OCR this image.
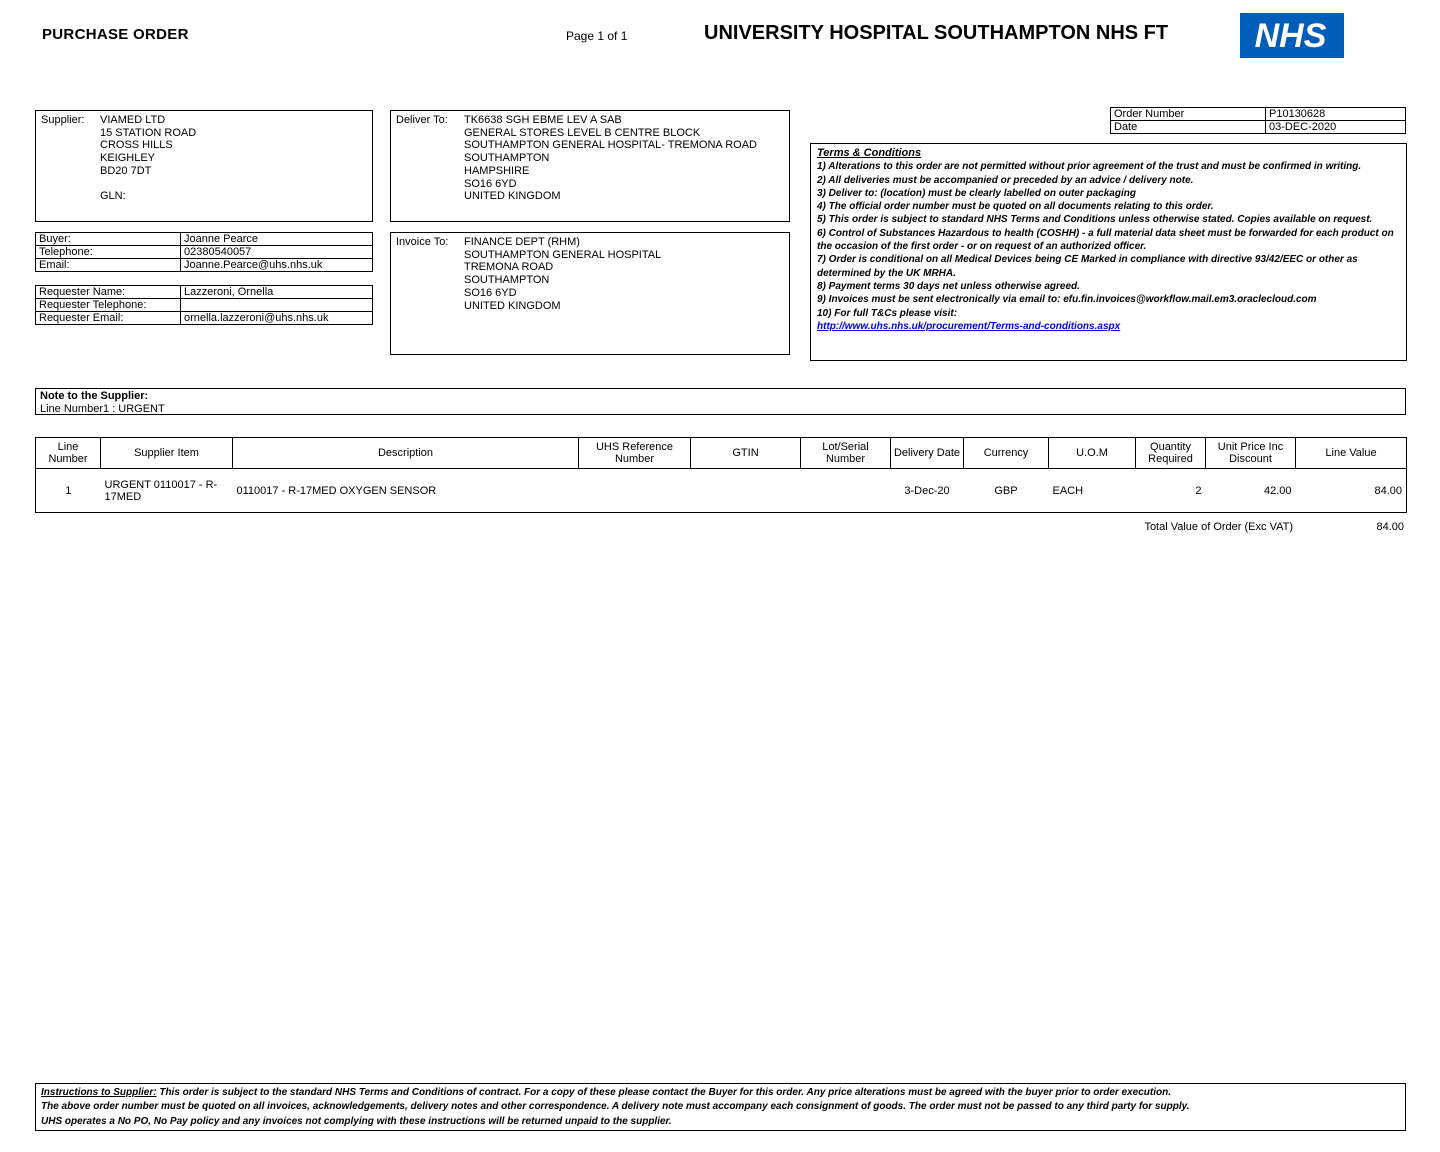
PURCHASE ORDER	Page 1 of 1	UNIVERSITY HOSPITAL SOUTHAMPTON NHS FT	NHS
Supplier: VIAMED LTD
15 STATION ROAD
CROSS HILLS
KEIGHLEY
BD20 7DT
GLN:
Deliver To: TK6638 SGH EBME LEV A SAB
GENERAL STORES LEVEL B CENTRE BLOCK
SOUTHAMPTON GENERAL HOSPITAL- TREMONA ROAD
SOUTHAMPTON
HAMPSHIRE
SO16 6YD
UNITED KINGDOM
Order Number	P10130628
Date	03-DEC-2020
Terms & Conditions

1) Alterations to this order are not permitted without prior agreement of the trust and must be confirmed in writing.

2) All deliveries must be accompanied or preceded by an advice / delivery note.

3) Deliver to: (location) must be clearly labelled on outer packaging

4) The official order number must be quoted on all documents relating to this order.

5) This order is subject to standard NHS Terms and Conditions unless otherwise stated. Copies available on request.

6) Control of Substances Hazardous to health (COSHH) - a full material data sheet must be forwarded for each product on the occasion of the first order - or on request of an authorized officer.

7) Order is conditional on all Medical Devices being CE Marked in compliance with directive 93/42/EEC or other as determined by the UK MRHA.

8) Payment terms 30 days net unless otherwise agreed.

9) Invoices must be sent electronically via email to: efu.fin.invoices@workflow.mail.em3.oraclecloud.com

10) For full T&Cs please visit:

http://www.uhs.nhs.uk/procurement/Terms-and-conditions.aspx
Buyer:	Joanne Pearce
Telephone:	02380540057
Email:	Joanne.Pearce@uhs.nhs.uk
Requester Name:	Lazzeroni, Ornella
Requester Telephone:	
Requester Email:	ornella.lazzeroni@uhs.nhs.uk
Invoice To: FINANCE DEPT (RHM)
SOUTHAMPTON GENERAL HOSPITAL
TREMONA ROAD
SOUTHAMPTON
SO16 6YD
UNITED KINGDOM
Note to the Supplier:
Line Number1 : URGENT
Line Number	Supplier Item	Description	UHS Reference Number	GTIN	Lot/Serial Number	Delivery Date	Currency	U.O.M	Quantity Required	Unit Price Inc Discount	Line Value
1	URGENT 0110017 - R-17MED	0110017 - R-17MED OXYGEN SENSOR				3-Dec-20	GBP	EACH	2	42.00	84.00
Total Value of Order (Exc VAT)	84.00

Instructions to Supplier: This order is subject to the standard NHS Terms and Conditions of contract. For a copy of these please contact the Buyer for this order. Any price alterations must be agreed with the buyer prior to order execution.

The above order number must be quoted on all invoices, acknowledgements, delivery notes and other correspondence. A delivery note must accompany each consignment of goods. The order must not be passed to any third party for supply.

UHS operates a No PO, No Pay policy and any invoices not complying with these instructions will be returned unpaid to the supplier.
